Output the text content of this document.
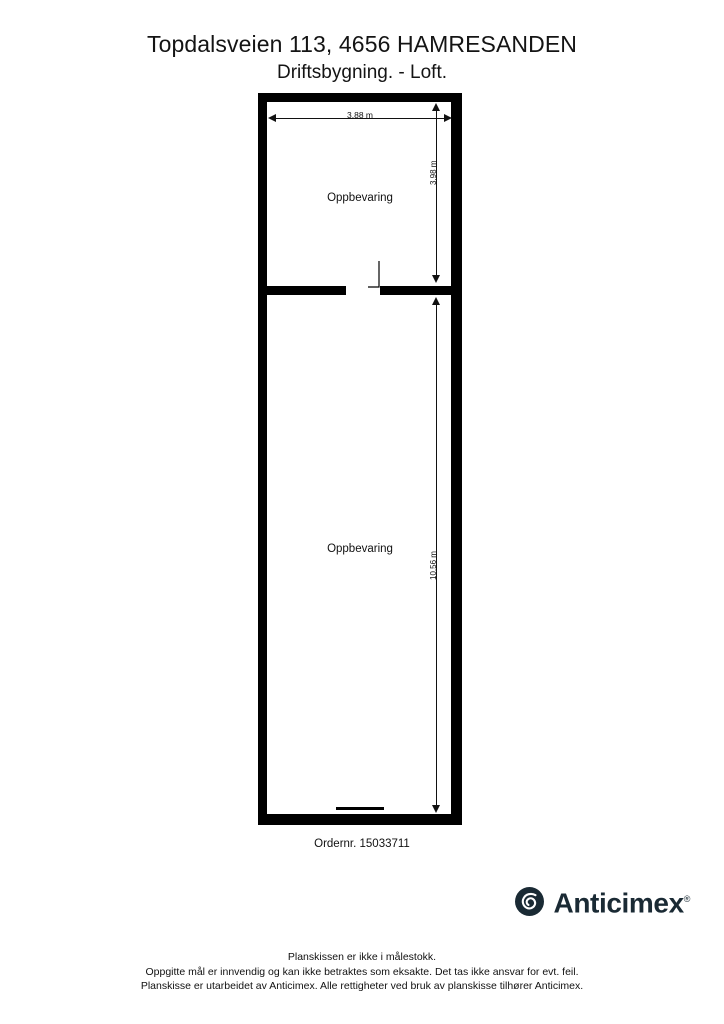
Topdalsveien 113, 4656 HAMRESANDEN
Driftsbygning. - Loft.
Oppbevaring
Oppbevaring
3.88 m
3.98 m
10.56 m
Ordernr. 15033711
Anticimex®
Planskissen er ikke i målestokk.
Oppgitte mål er innvendig og kan ikke betraktes som eksakte. Det tas ikke ansvar for evt. feil.
Planskisse er utarbeidet av Anticimex. Alle rettigheter ved bruk av planskisse tilhører Anticimex.
